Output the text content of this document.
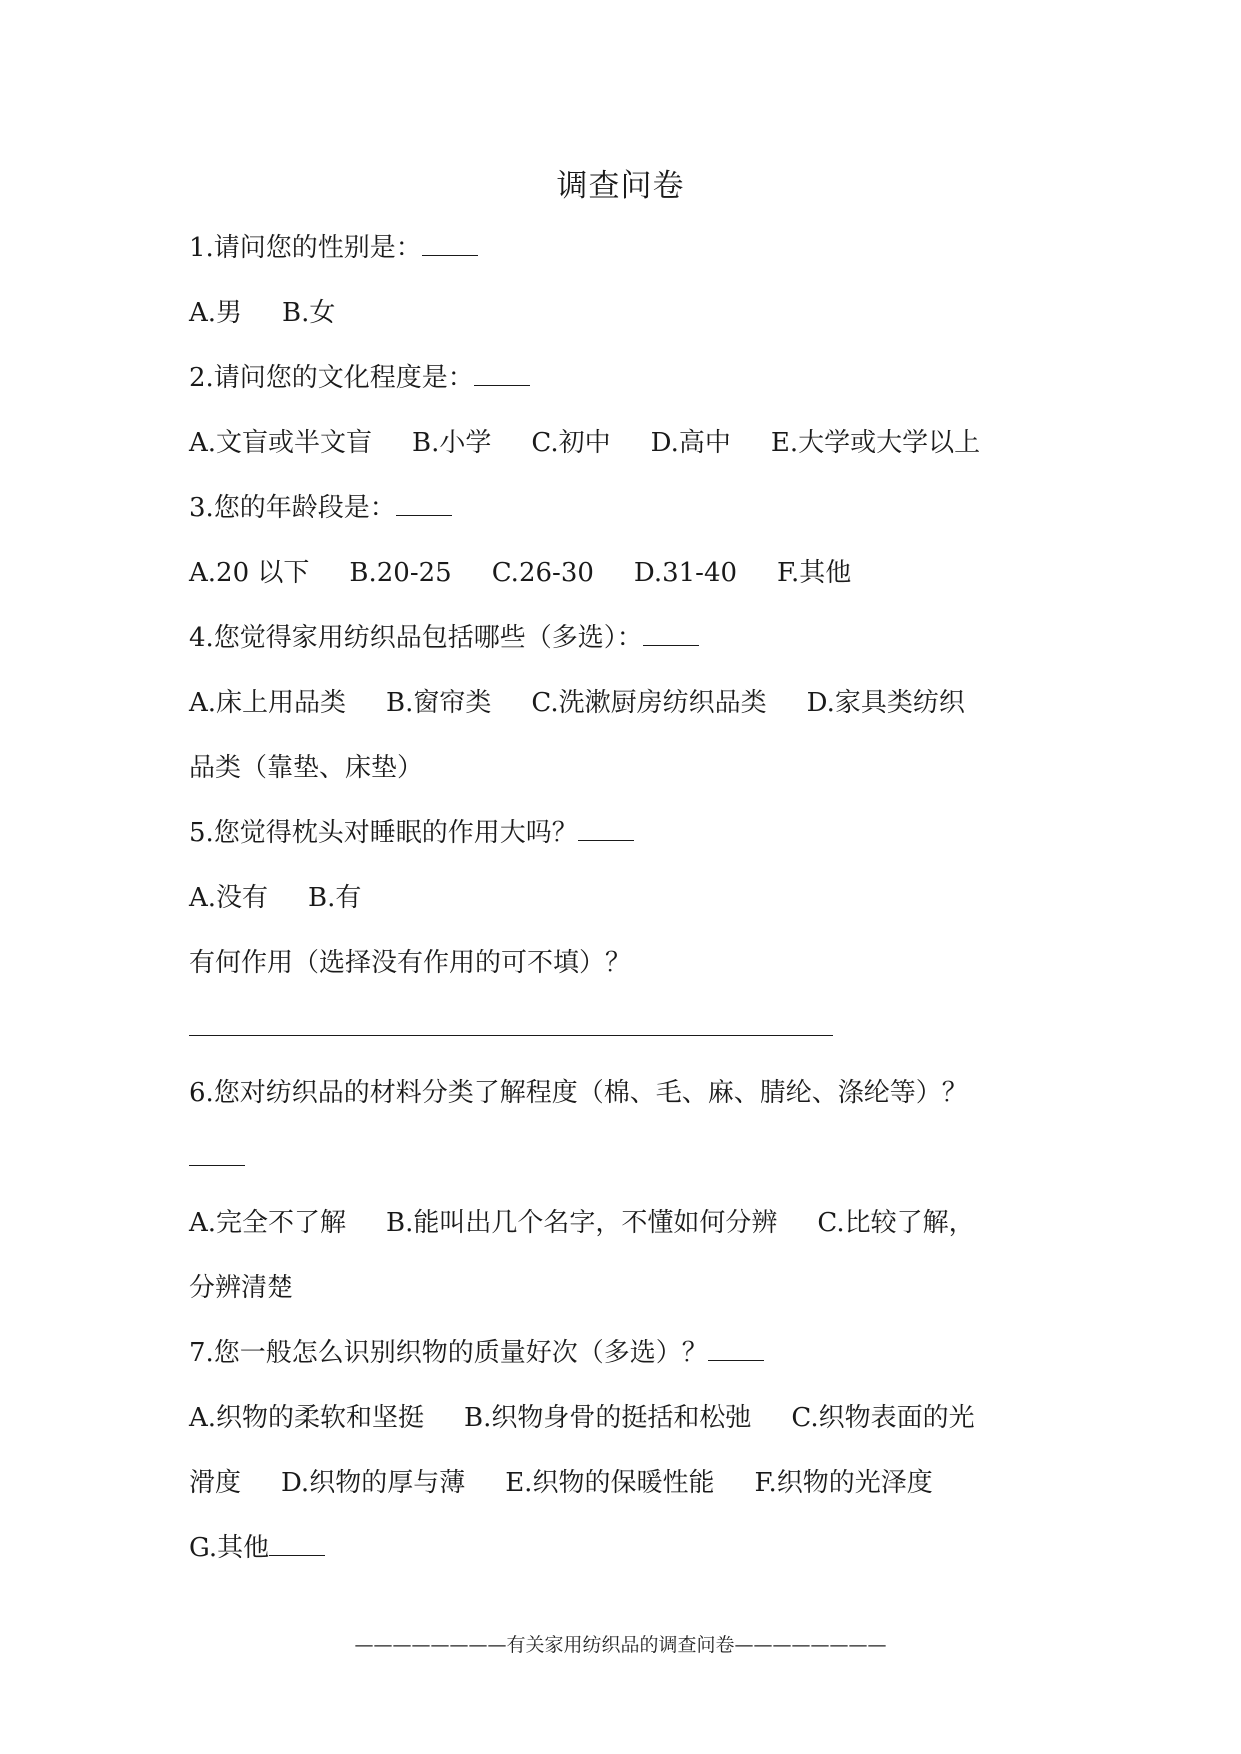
调查问卷
1.请问您的性别是：
A.男 B.女
2.请问您的文化程度是：
A.文盲或半文盲 B.小学 C.初中 D.高中 E.大学或大学以上
3.您的年龄段是：
A.20 以下 B.20-25 C.26-30 D.31-40 F.其他
4.您觉得家用纺织品包括哪些（多选）：
A.床上用品类 B.窗帘类 C.洗漱厨房纺织品类 D.家具类纺织
品类（靠垫、床垫）
5.您觉得枕头对睡眠的作用大吗？
A.没有 B.有
有何作用（选择没有作用的可不填）？
6.您对纺织品的材料分类了解程度（棉、毛、麻、腈纶、涤纶等）？
A.完全不了解 B.能叫出几个名字，不懂如何分辨 C.比较了解，
分辨清楚
7.您一般怎么识别织物的质量好次（多选）？
A.织物的柔软和坚挺 B.织物身骨的挺括和松弛 C.织物表面的光
滑度 D.织物的厚与薄 E.织物的保暖性能 F.织物的光泽度
G.其他
————————有关家用纺织品的调查问卷————————
